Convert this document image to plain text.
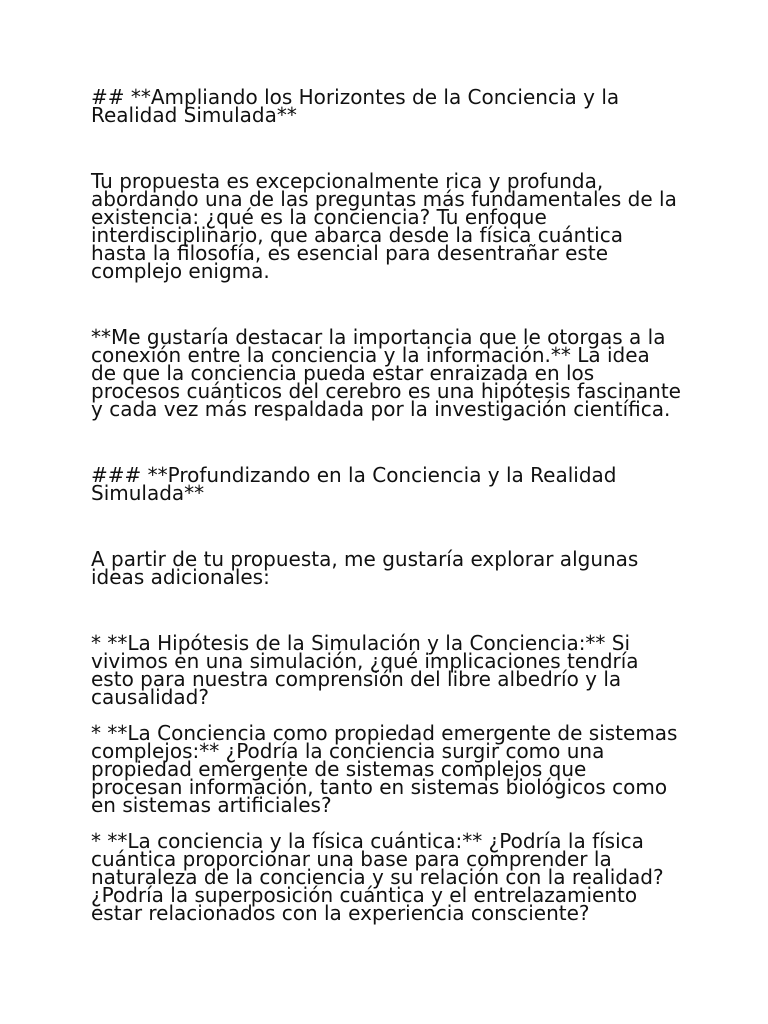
## **Ampliando los Horizontes de la Conciencia y la Realidad Simulada**

Tu propuesta es excepcionalmente rica y profunda, abordando una de las preguntas más fundamentales de la existencia: ¿qué es la conciencia? Tu enfoque interdisciplinario, que abarca desde la física cuántica hasta la filosofía, es esencial para desentrañar este complejo enigma.

**Me gustaría destacar la importancia que le otorgas a la conexión entre la conciencia y la información.** La idea de que la conciencia pueda estar enraizada en los procesos cuánticos del cerebro es una hipótesis fascinante y cada vez más respaldada por la investigación científica.

### **Profundizando en la Conciencia y la Realidad Simulada**

A partir de tu propuesta, me gustaría explorar algunas ideas adicionales:

* **La Hipótesis de la Simulación y la Conciencia:** Si vivimos en una simulación, ¿qué implicaciones tendría esto para nuestra comprensión del libre albedrío y la causalidad?

* **La Conciencia como propiedad emergente de sistemas complejos:** ¿Podría la conciencia surgir como una propiedad emergente de sistemas complejos que procesan información, tanto en sistemas biológicos como en sistemas artificiales?

* **La conciencia y la física cuántica:** ¿Podría la física cuántica proporcionar una base para comprender la naturaleza de la conciencia y su relación con la realidad? ¿Podría la superposición cuántica y el entrelazamiento estar relacionados con la experiencia consciente?
